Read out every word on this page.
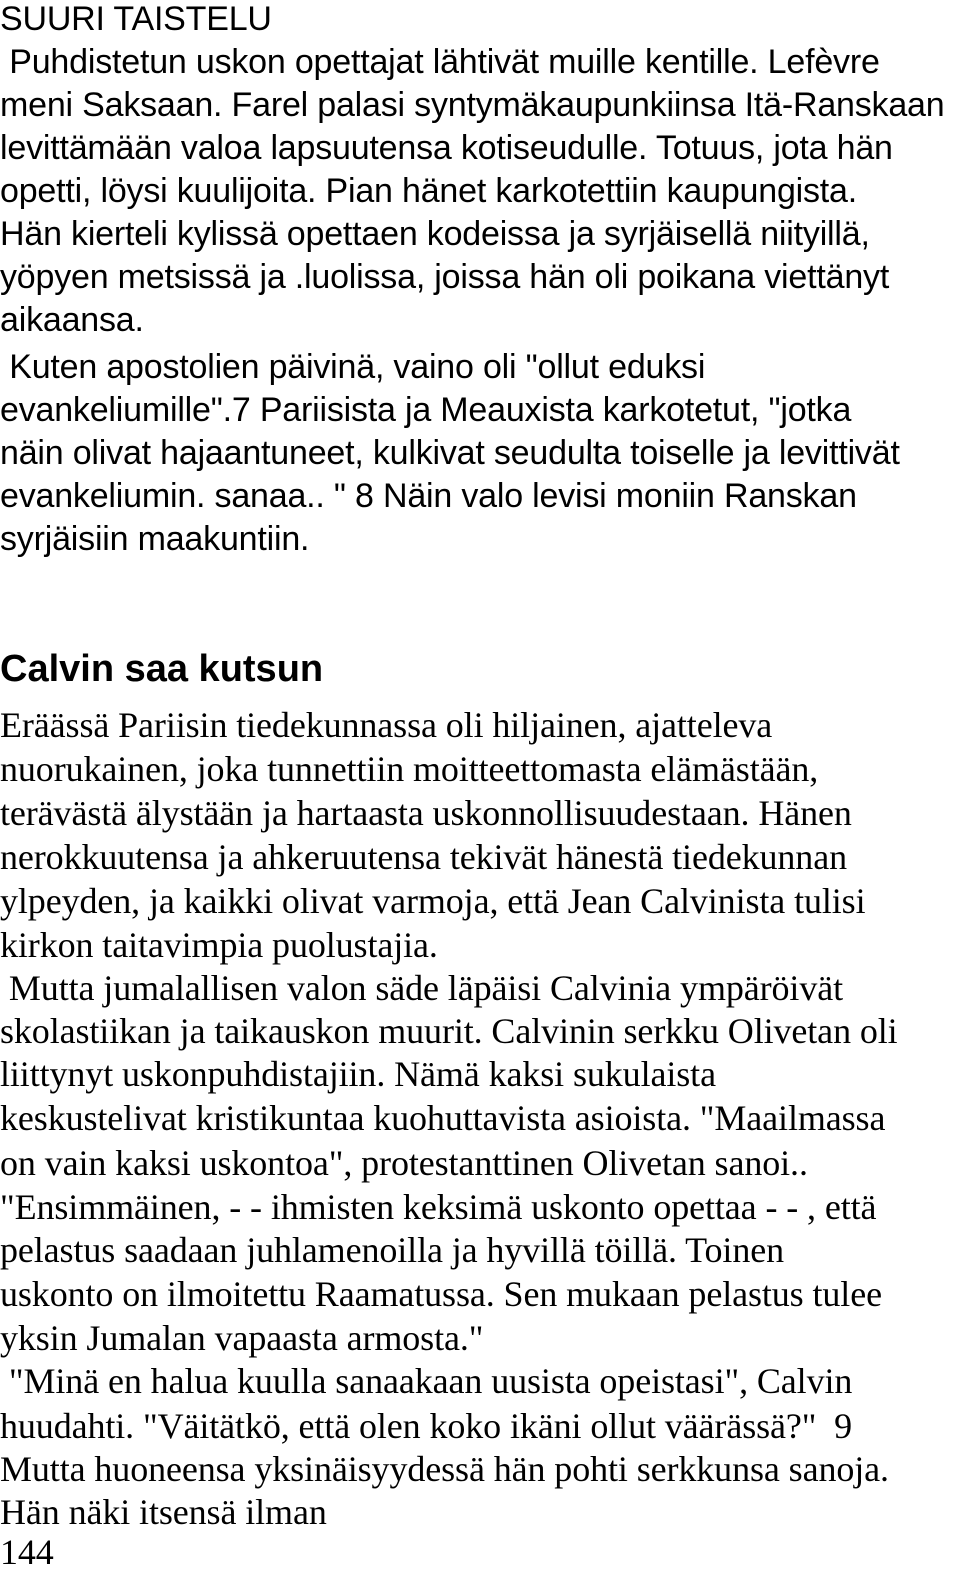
SUURI TAISTELU
Puhdistetun uskon opettajat lähtivät muille kentille. Lefèvre
meni Saksaan. Farel palasi syntymäkaupunkiinsa Itä-Ranskaan
levittämään valoa lapsuutensa kotiseudulle. Totuus, jota hän
opetti, löysi kuulijoita. Pian hänet karkotettiin kaupungista.
Hän kierteli kylissä opettaen kodeissa ja syrjäisellä niityillä,
yöpyen metsissä ja .luolissa, joissa hän oli poikana viettänyt
aikaansa.
Kuten apostolien päivinä, vaino oli "ollut eduksi
evankeliumille".7 Pariisista ja Meauxista karkotetut, "jotka
näin olivat hajaantuneet, kulkivat seudulta toiselle ja levittivät
evankeliumin. sanaa.. " 8 Näin valo levisi moniin Ranskan
syrjäisiin maakuntiin.
Calvin saa kutsun
Eräässä Pariisin tiedekunnassa oli hiljainen, ajatteleva
nuorukainen, joka tunnettiin moitteettomasta elämästään,
terävästä älystään ja hartaasta uskonnollisuudestaan. Hänen
nerokkuutensa ja ahkeruutensa tekivät hänestä tiedekunnan
ylpeyden, ja kaikki olivat varmoja, että Jean Calvinista tulisi
kirkon taitavimpia puolustajia.
Mutta jumalallisen valon säde läpäisi Calvinia ympäröivät
skolastiikan ja taikauskon muurit. Calvinin serkku Olivetan oli
liittynyt uskonpuhdistajiin. Nämä kaksi sukulaista
keskustelivat kristikuntaa kuohuttavista asioista. "Maailmassa
on vain kaksi uskontoa", protestanttinen Olivetan sanoi..
"Ensimmäinen, - - ihmisten keksimä uskonto opettaa - - , että
pelastus saadaan juhlamenoilla ja hyvillä töillä. Toinen
uskonto on ilmoitettu Raamatussa. Sen mukaan pelastus tulee
yksin Jumalan vapaasta armosta."
"Minä en halua kuulla sanaakaan uusista opeistasi", Calvin
huudahti. "Väitätkö, että olen koko ikäni ollut väärässä?"  9
Mutta huoneensa yksinäisyydessä hän pohti serkkunsa sanoja.
Hän näki itsensä ilman
144
